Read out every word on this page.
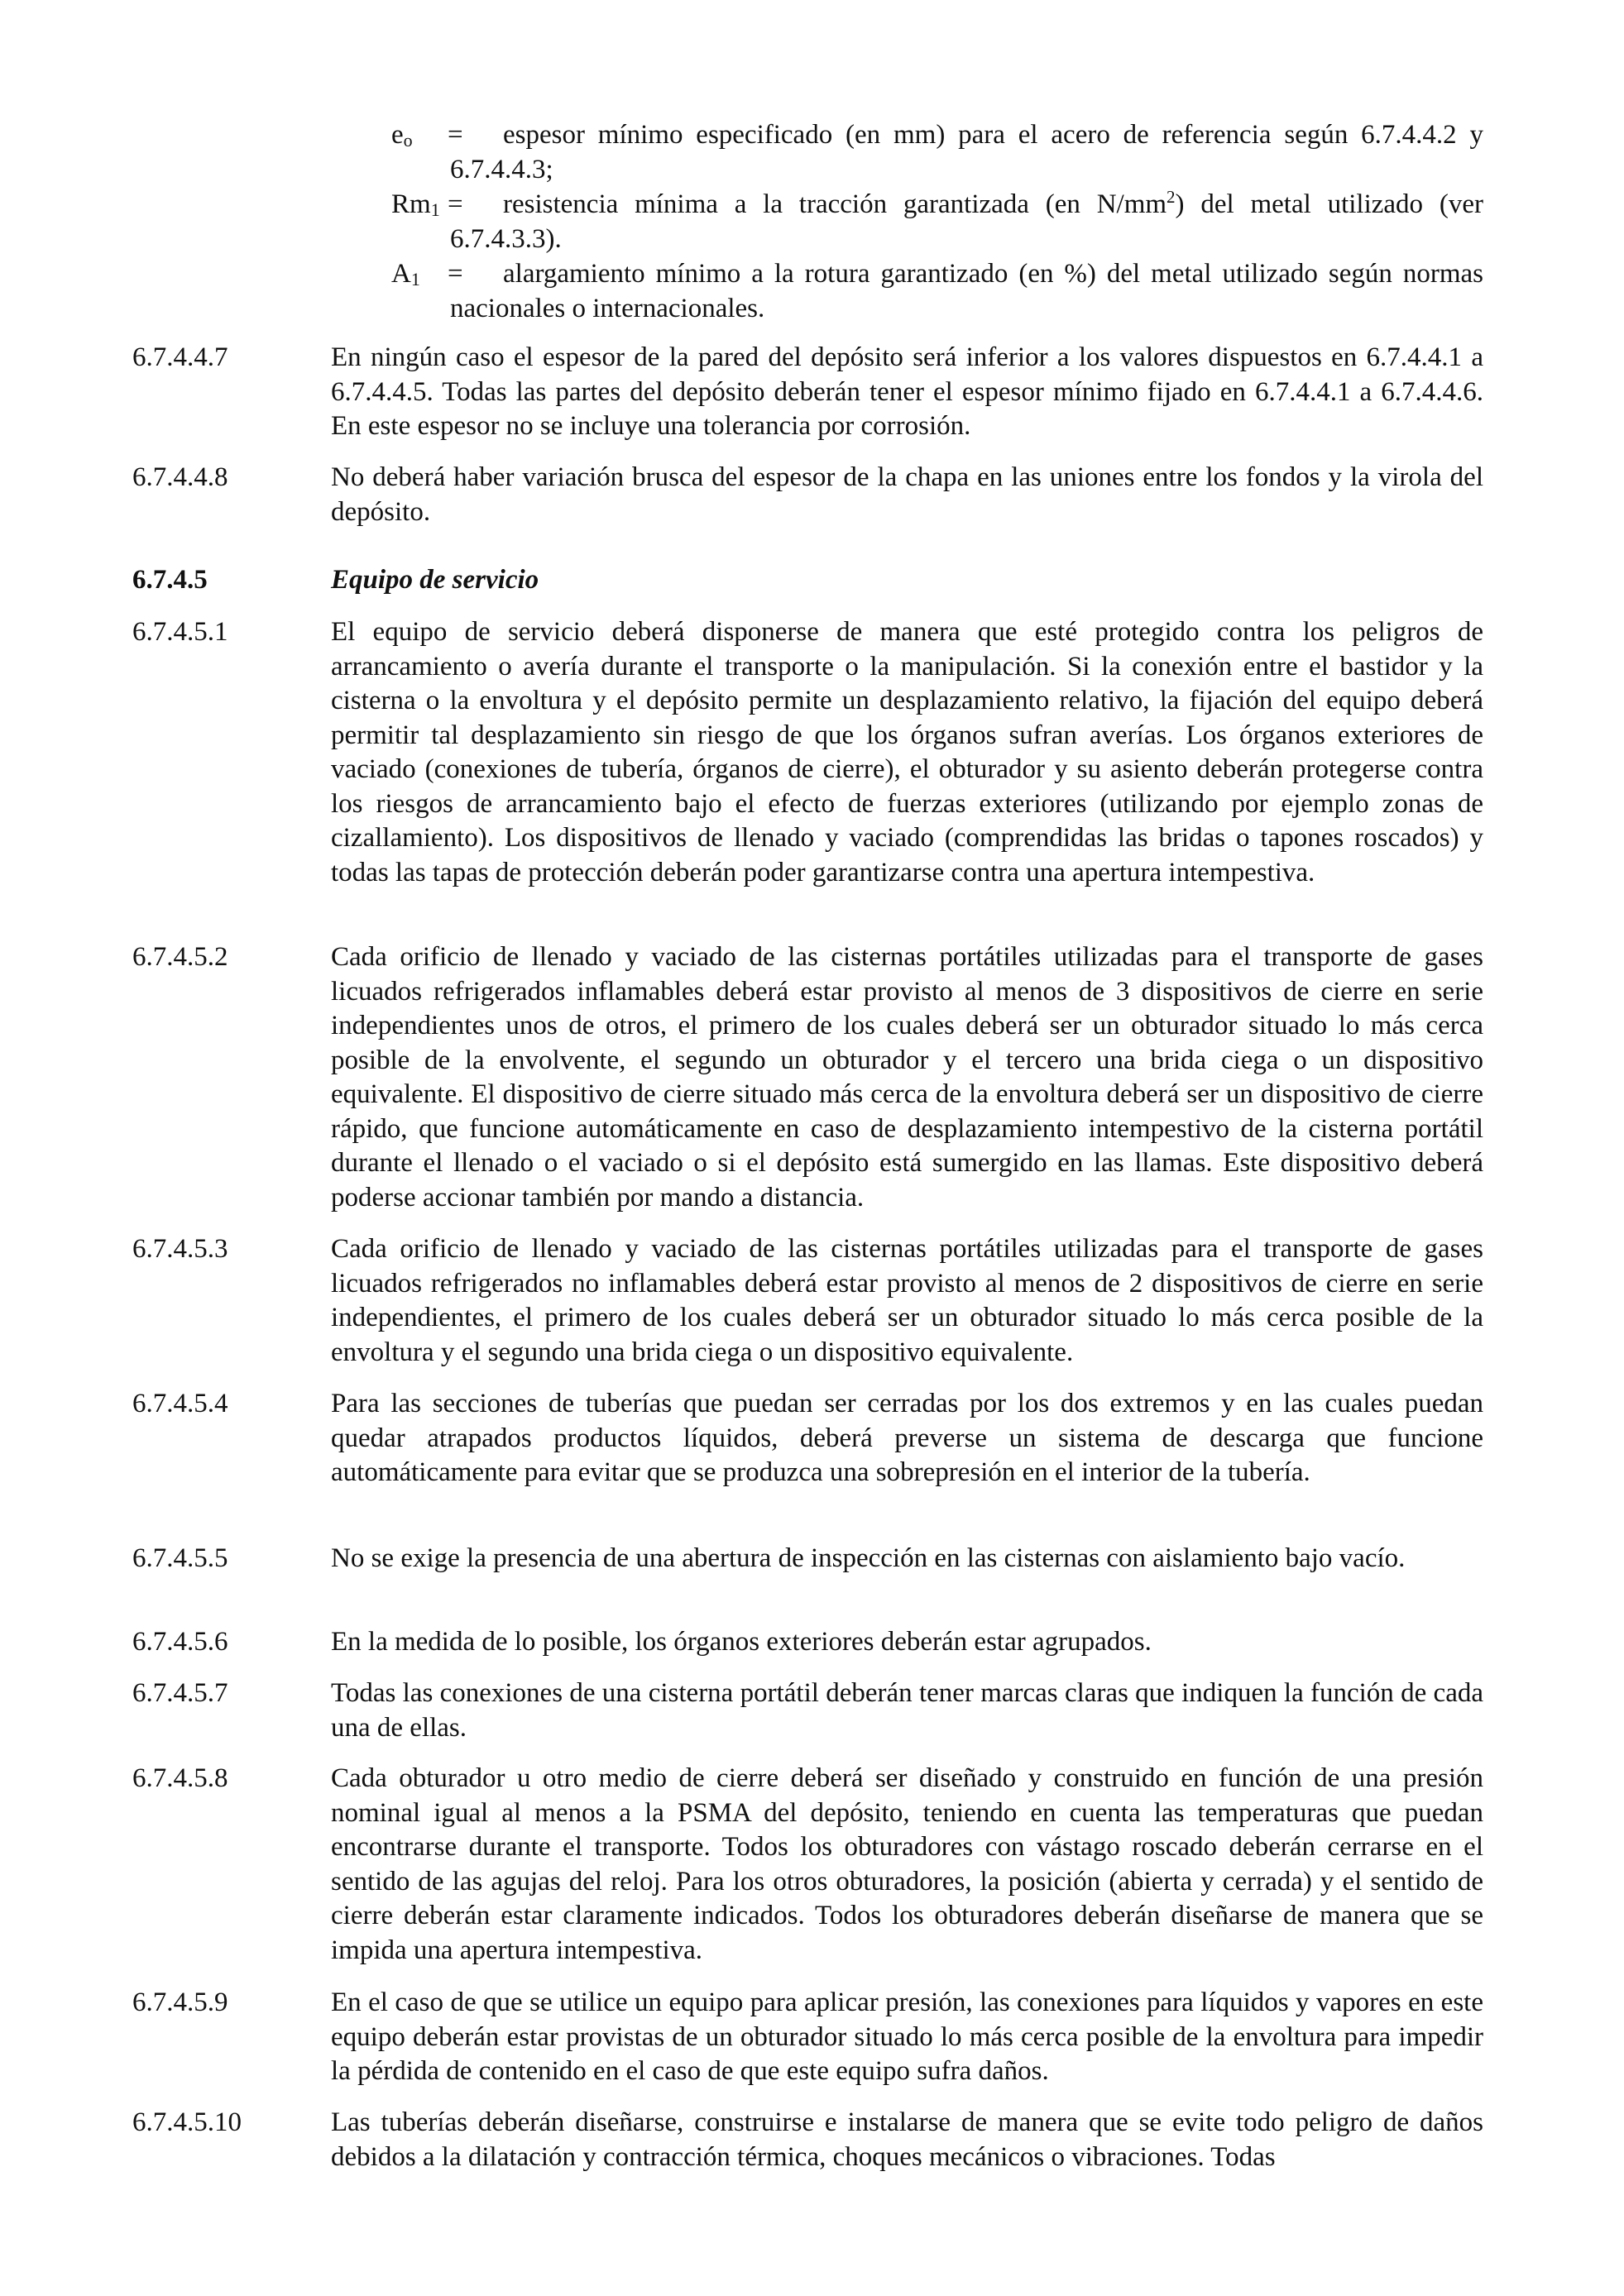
eo	=	espesor mínimo especificado (en mm) para el acero de referencia según 6.7.4.4.2 y 6.7.4.4.3;
Rm1 =	resistencia mínima a la tracción garantizada (en $N/mm^2$) del metal utilizado (ver 6.7.4.3.3).
A1	=	alargamiento mínimo a la rotura garantizado (en %) del metal utilizado según normas nacionales o internacionales.
6.7.4.4.7	En ningún caso el espesor de la pared del depósito será inferior a los valores dispuestos en 6.7.4.4.1 a 6.7.4.4.5. Todas las partes del depósito deberán tener el espesor mínimo fijado en 6.7.4.4.1 a 6.7.4.4.6. En este espesor no se incluye una tolerancia por corrosión.
6.7.4.4.8	No deberá haber variación brusca del espesor de la chapa en las uniones entre los fondos y la virola del depósito.
6.7.4.5	Equipo de servicio
6.7.4.5.1	El equipo de servicio deberá disponerse de manera que esté protegido contra los peligros de arrancamiento o avería durante el transporte o la manipulación. Si la conexión entre el bastidor y la cisterna o la envoltura y el depósito permite un desplazamiento relativo, la fijación del equipo deberá permitir tal desplazamiento sin riesgo de que los órganos sufran averías. Los órganos exteriores de vaciado (conexiones de tubería, órganos de cierre), el obturador y su asiento deberán protegerse contra los riesgos de arrancamiento bajo el efecto de fuerzas exteriores (utilizando por ejemplo zonas de cizallamiento). Los dispositivos de llenado y vaciado (comprendidas las bridas o tapones roscados) y todas las tapas de protección deberán poder garantizarse contra una apertura intempestiva.
6.7.4.5.2	Cada orificio de llenado y vaciado de las cisternas portátiles utilizadas para el transporte de gases licuados refrigerados inflamables deberá estar provisto al menos de 3 dispositivos de cierre en serie independientes unos de otros, el primero de los cuales deberá ser un obturador situado lo más cerca posible de la envolvente, el segundo un obturador y el tercero una brida ciega o un dispositivo equivalente. El dispositivo de cierre situado más cerca de la envoltura deberá ser un dispositivo de cierre rápido, que funcione automáticamente en caso de desplazamiento intempestivo de la cisterna portátil durante el llenado o el vaciado o si el depósito está sumergido en las llamas. Este dispositivo deberá poderse accionar también por mando a distancia.
6.7.4.5.3	Cada orificio de llenado y vaciado de las cisternas portátiles utilizadas para el transporte de gases licuados refrigerados no inflamables deberá estar provisto al menos de 2 dispositivos de cierre en serie independientes, el primero de los cuales deberá ser un obturador situado lo más cerca posible de la envoltura y el segundo una brida ciega o un dispositivo equivalente.
6.7.4.5.4	Para las secciones de tuberías que puedan ser cerradas por los dos extremos y en las cuales puedan quedar atrapados productos líquidos, deberá preverse un sistema de descarga que funcione automáticamente para evitar que se produzca una sobrepresión en el interior de la tubería.
6.7.4.5.5	No se exige la presencia de una abertura de inspección en las cisternas con aislamiento bajo vacío.
6.7.4.5.6	En la medida de lo posible, los órganos exteriores deberán estar agrupados.
6.7.4.5.7	Todas las conexiones de una cisterna portátil deberán tener marcas claras que indiquen la función de cada una de ellas.
6.7.4.5.8	Cada obturador u otro medio de cierre deberá ser diseñado y construido en función de una presión nominal igual al menos a la PSMA del depósito, teniendo en cuenta las temperaturas que puedan encontrarse durante el transporte. Todos los obturadores con vástago roscado deberán cerrarse en el sentido de las agujas del reloj. Para los otros obturadores, la posición (abierta y cerrada) y el sentido de cierre deberán estar claramente indicados. Todos los obturadores deberán diseñarse de manera que se impida una apertura intempestiva.
6.7.4.5.9	En el caso de que se utilice un equipo para aplicar presión, las conexiones para líquidos y vapores en este equipo deberán estar provistas de un obturador situado lo más cerca posible de la envoltura para impedir la pérdida de contenido en el caso de que este equipo sufra daños.
6.7.4.5.10	Las tuberías deberán diseñarse, construirse e instalarse de manera que se evite todo peligro de daños debidos a la dilatación y contracción térmica, choques mecánicos o vibraciones. Todas
